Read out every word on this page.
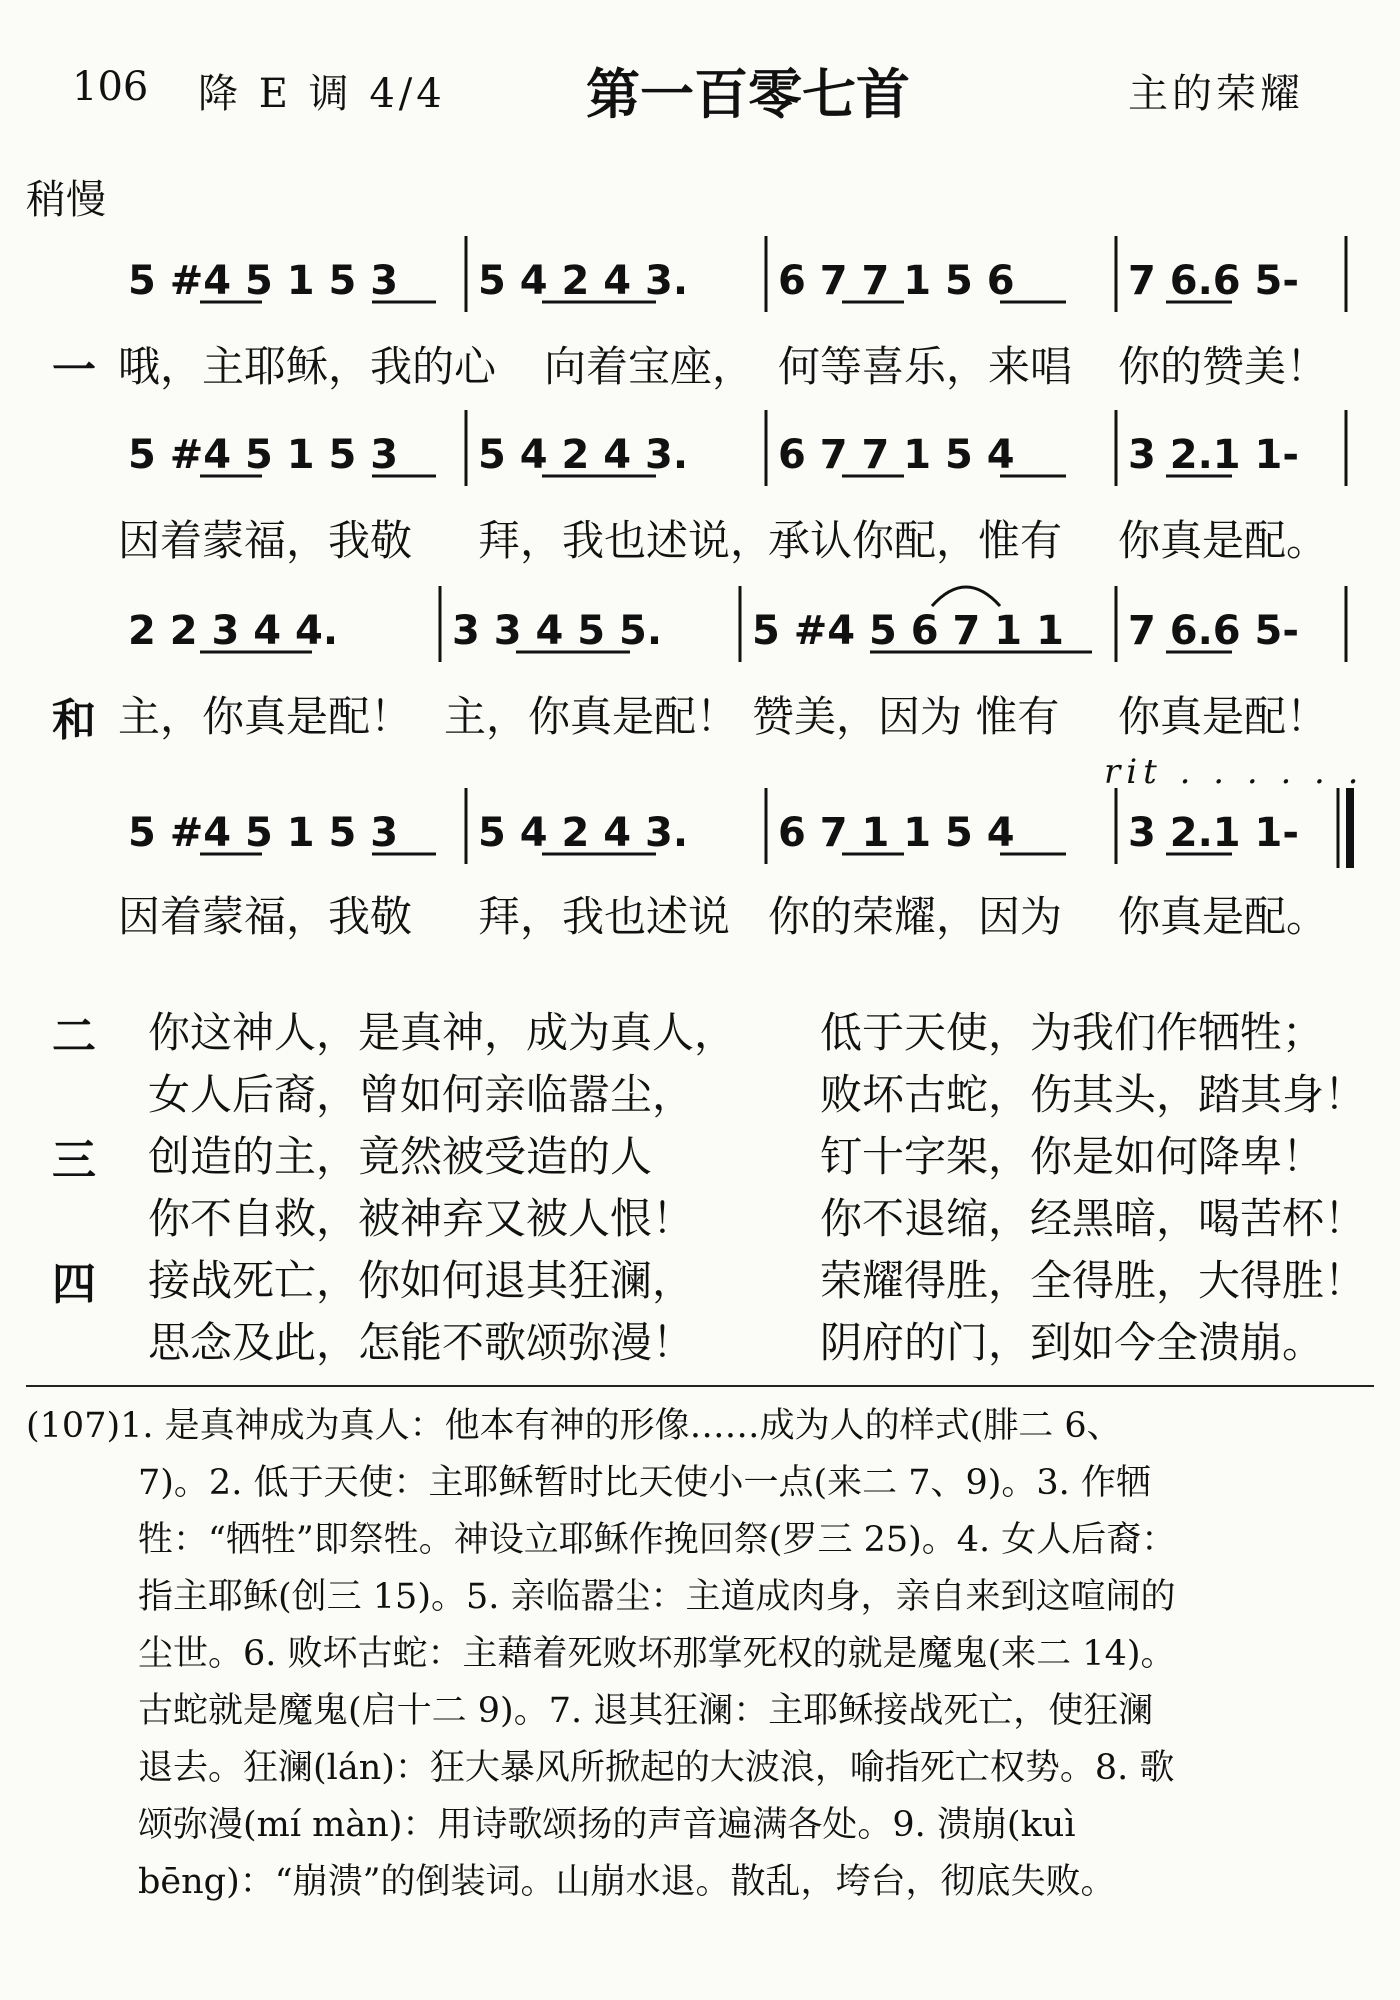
106 降 E 调 4/4	第一百零七首	主的荣耀
稍慢
5 #4 5 1 5 3 5 4 2 4 3. 6 7 7 1 5 6	7 6.6 5-
一 哦，主耶稣，我的心 向着宝座， 何等喜乐，来唱 你的赞美！
5 #4 5 1 5 3 5 4 2 4 3. 6 7 7 1 5 4	3 2.1 1-
因着蒙福，我敬 拜，我也述说，
承认你配，惟有 你真是配。
2 2 3 4 4.	3 3 4 5 5. 5 #4 5 6 7 1 1 7 6.6 5-
和 主，你真是配！ 主，你真是配！ 赞美，因为 惟有 你真是配！
rit . . . . . .
5 #4 5 1 5 3 5 4 2 4 3. 6 7 1 1 5 4	3 2.1 1-
因着蒙福，我敬 拜，我也述说 你的荣耀，因为 你真是配。
二 你这神人，是真神，成为真人， 低于天使，为我们作牺牲；
女人后裔，曾如何亲临嚣尘，	败坏古蛇，伤其头，踏其身！
三 创造的主，竟然被受造的人	钉十字架，你是如何降卑！
你不自救，被神弃又被人恨！	你不退缩，经黑暗，喝苦杯！
四 接战死亡，你如何退其狂澜，	荣耀得胜，全得胜，大得胜！
思念及此，怎能不歌颂弥漫！	阴府的门，到如今全溃崩。
(107)1. 是真神成为真人：他本有神的形像……成为人的样式(腓二 6、
7)。2. 低于天使：主耶稣暂时比天使小一点(来二 7、9)。3. 作牺
牲：“牺牲”即祭牲。神设立耶稣作挽回祭(罗三 25)。4. 女人后裔：
指主耶稣(创三 15)。5. 亲临嚣尘：主道成肉身，亲自来到这喧闹的
尘世。6. 败坏古蛇：主藉着死败坏那掌死权的就是魔鬼(来二 14)。
古蛇就是魔鬼(启十二 9)。7. 退其狂澜：主耶稣接战死亡，使狂澜
退去。狂澜(lán)：狂大暴风所掀起的大波浪，喻指死亡权势。8. 歌
颂弥漫(mí màn)：用诗歌颂扬的声音遍满各处。9. 溃崩(kuì
bēng)：“崩溃”的倒装词。山崩水退。散乱，垮台，彻底失败。
